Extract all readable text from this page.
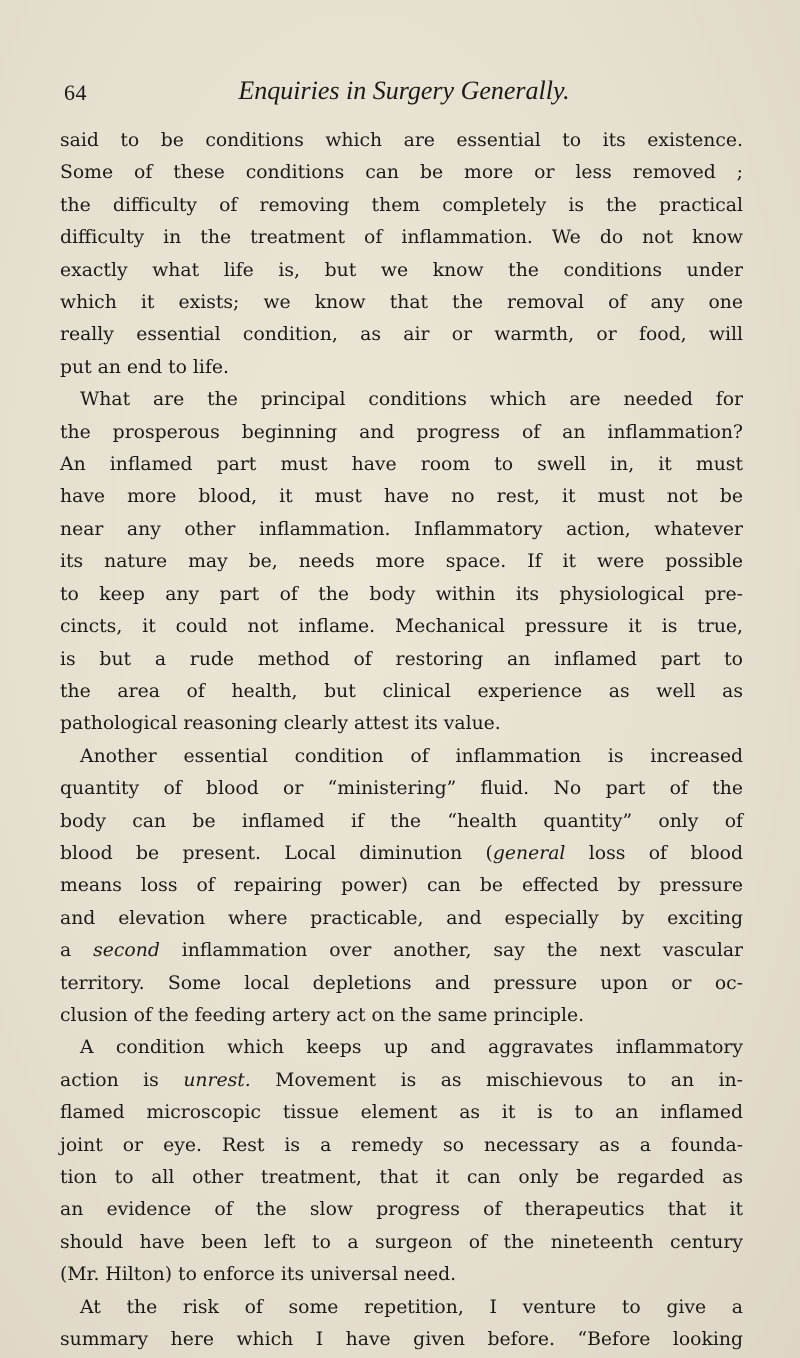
64	Enquiries in Surgery Generally.
said to be conditions which are essential to its existence.
Some of these conditions can be more or less removed ;
the difficulty of removing them completely is the practical
difficulty in the treatment of inflammation. We do not know
exactly what life is, but we know the conditions under
which it exists; we know that the removal of any one
really essential condition, as air or warmth, or food, will
put an end to life.
What are the principal conditions which are needed for
the prosperous beginning and progress of an inflammation?
An inflamed part must have room to swell in, it must
have more blood, it must have no rest, it must not be
near any other inflammation. Inflammatory action, whatever
its nature may be, needs more space. If it were possible
to keep any part of the body within its physiological pre-
cincts, it could not inflame. Mechanical pressure it is true,
is but a rude method of restoring an inflamed part to
the area of health, but clinical experience as well as
pathological reasoning clearly attest its value.
Another essential condition of inflammation is increased
quantity of blood or “ministering” fluid. No part of the
body can be inflamed if the “health quantity” only of
blood be present. Local diminution (general loss of blood
means loss of repairing power) can be effected by pressure
and elevation where practicable, and especially by exciting
a second inflammation over another, say the next vascular
territory. Some local depletions and pressure upon or oc-
clusion of the feeding artery act on the same principle.
A condition which keeps up and aggravates inflammatory
action is unrest. Movement is as mischievous to an in-
flamed microscopic tissue element as it is to an inflamed
joint or eye. Rest is a remedy so necessary as a founda-
tion to all other treatment, that it can only be regarded as
an evidence of the slow progress of therapeutics that it
should have been left to a surgeon of the nineteenth century
(Mr. Hilton) to enforce its universal need.
At the risk of some repetition, I venture to give a
summary here which I have given before. “Before looking
